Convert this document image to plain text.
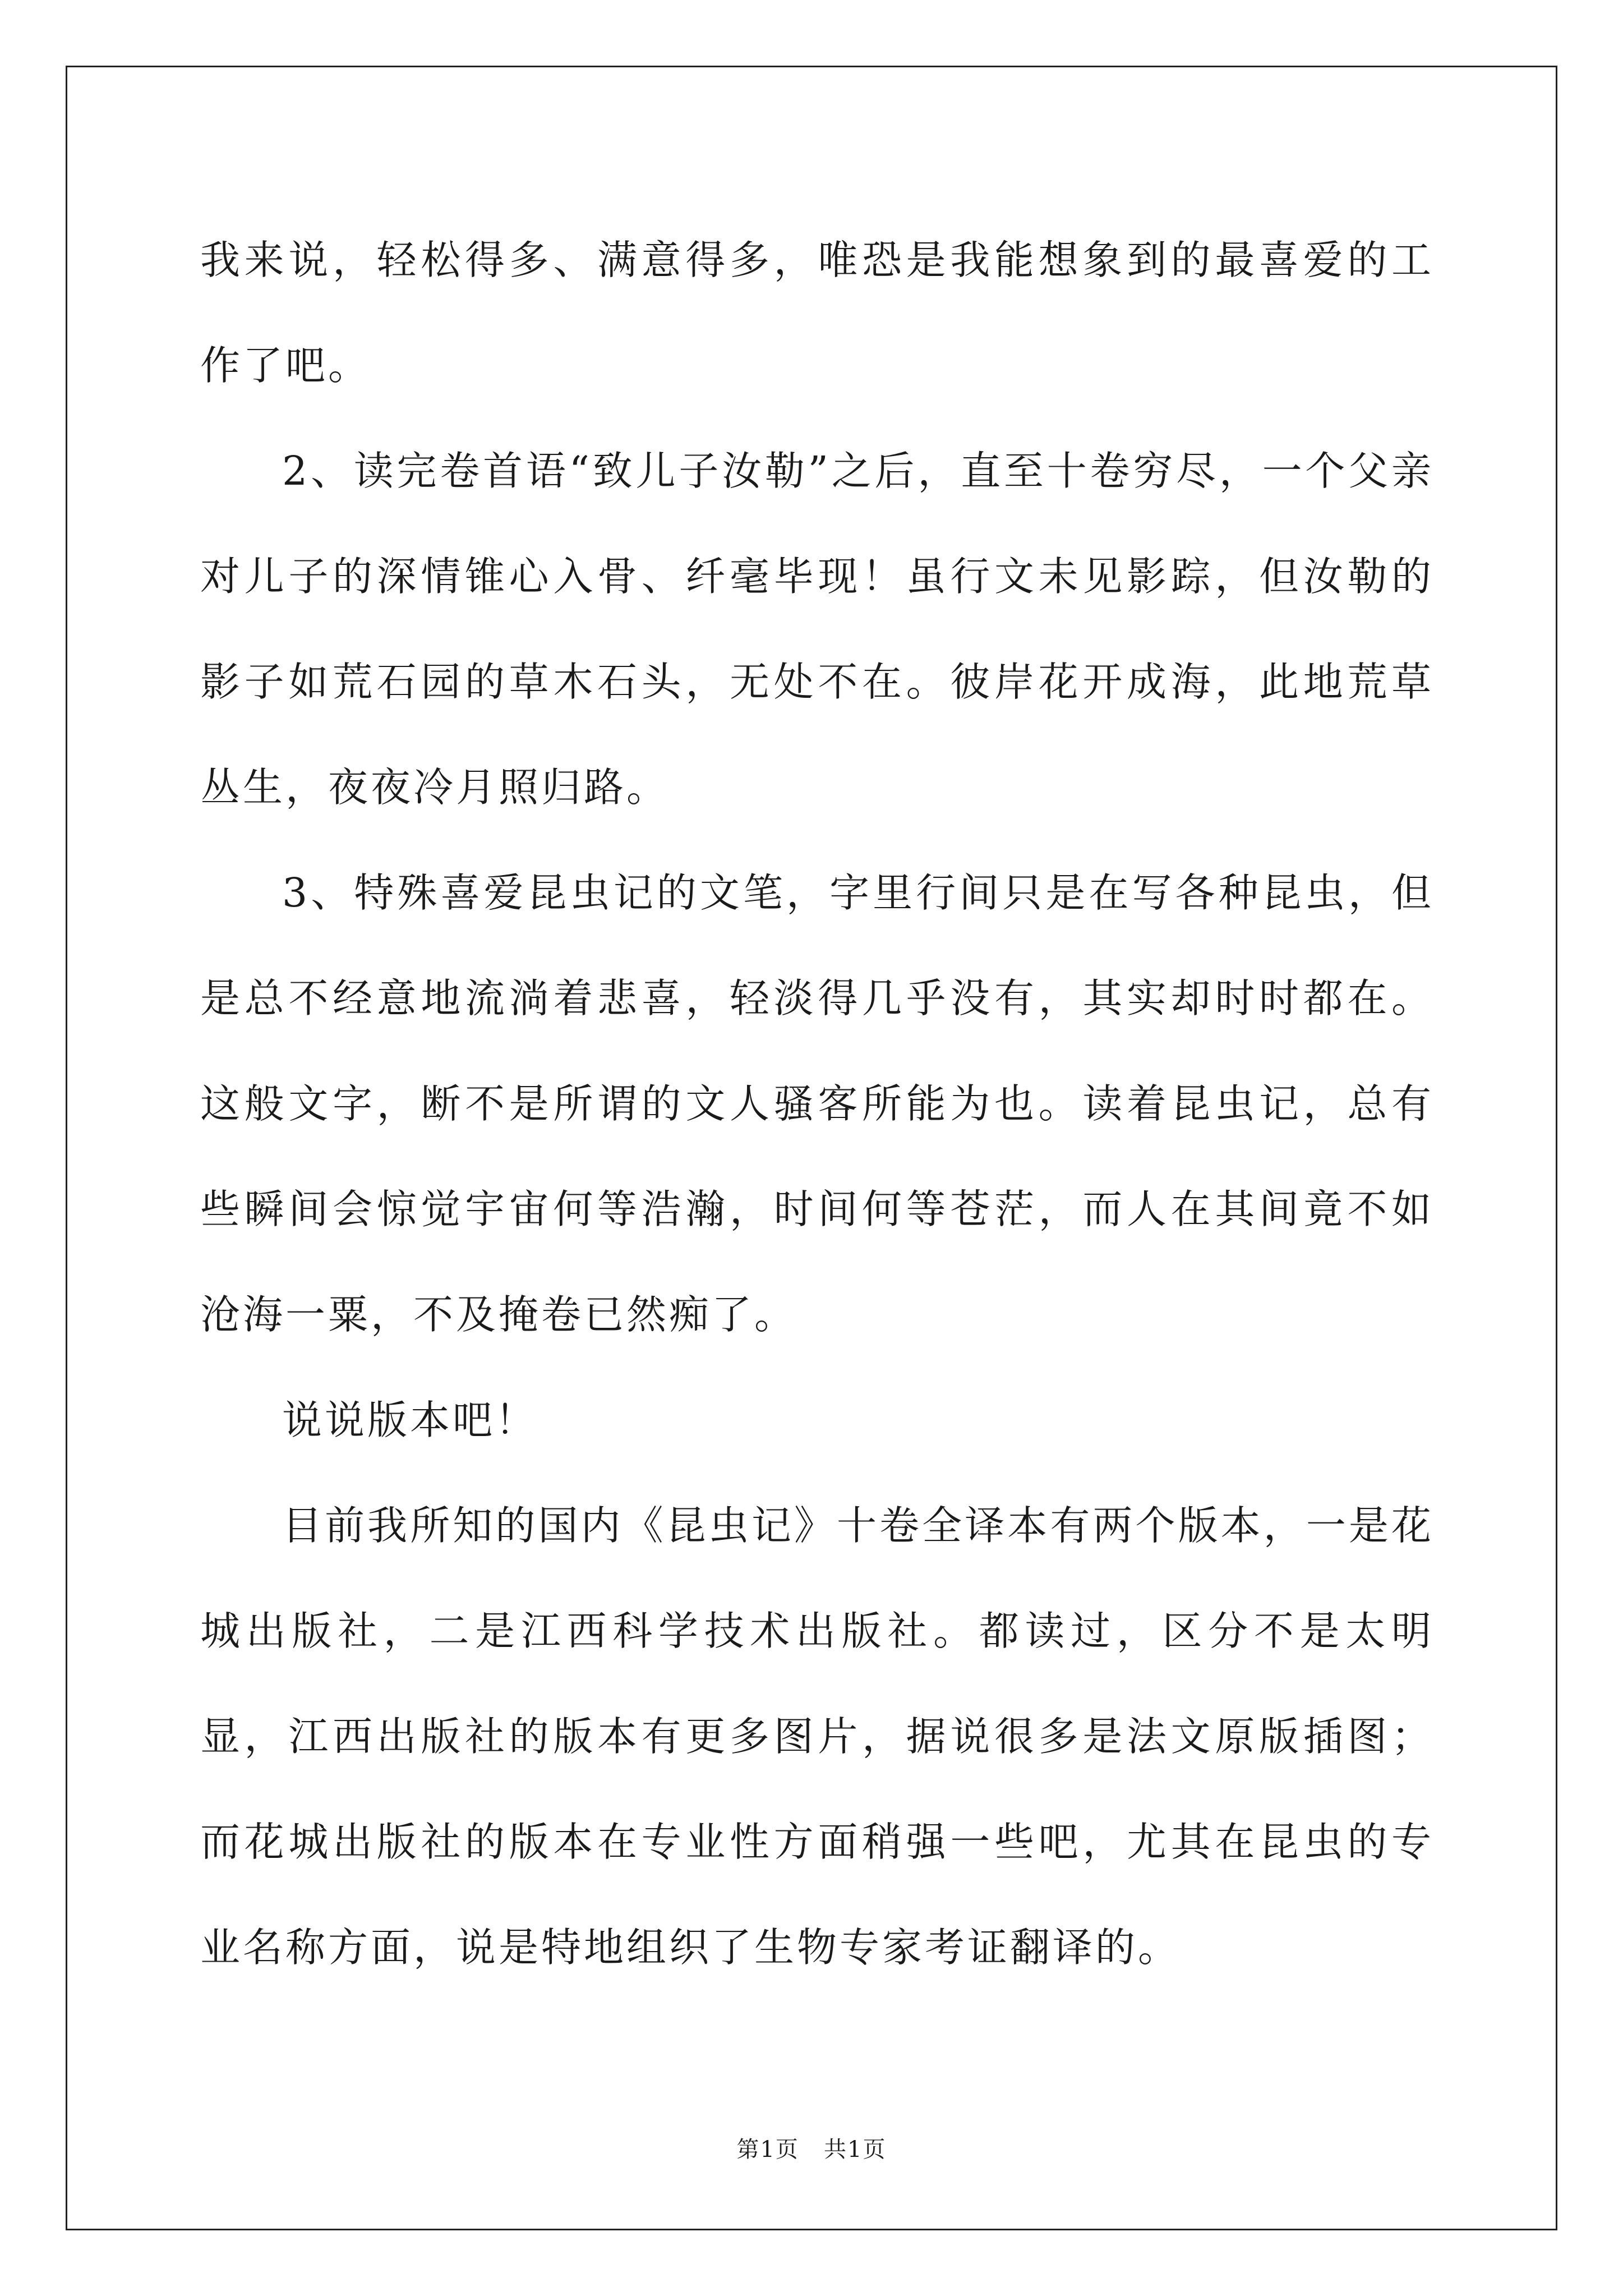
我来说，轻松得多、满意得多，唯恐是我能想象到的最喜爱的工作了吧。

2、读完卷首语“致儿子汝勒”之后，直至十卷穷尽，一个父亲对儿子的深情锥心入骨、纤毫毕现！虽行文未见影踪，但汝勒的影子如荒石园的草木石头，无处不在。彼岸花开成海，此地荒草丛生，夜夜冷月照归路。

3、特殊喜爱昆虫记的文笔，字里行间只是在写各种昆虫，但是总不经意地流淌着悲喜，轻淡得几乎没有，其实却时时都在。这般文字，断不是所谓的文人骚客所能为也。读着昆虫记，总有些瞬间会惊觉宇宙何等浩瀚，时间何等苍茫，而人在其间竟不如沧海一粟，不及掩卷已然痴了。

说说版本吧！

目前我所知的国内《昆虫记》十卷全译本有两个版本，一是花城出版社，二是江西科学技术出版社。都读过，区分不是太明显，江西出版社的版本有更多图片，据说很多是法文原版插图；而花城出版社的版本在专业性方面稍强一些吧，尤其在昆虫的专业名称方面，说是特地组织了生物专家考证翻译的。

第1页   共1页
